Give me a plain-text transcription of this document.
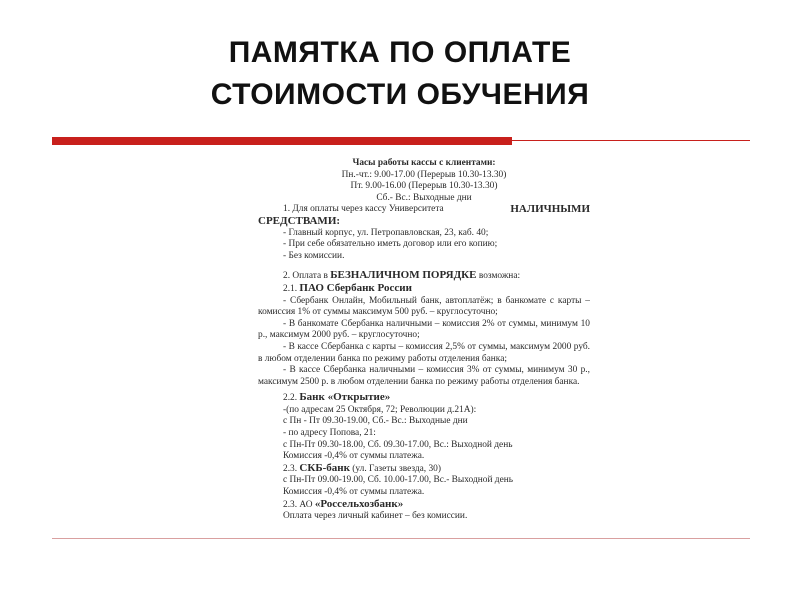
ПАМЯТКА ПО ОПЛАТЕ
СТОИМОСТИ ОБУЧЕНИЯ
Часы работы кассы с клиентами:
Пн.-чт.: 9.00-17.00 (Перерыв 10.30-13.30)
Пт. 9.00-16.00 (Перерыв 10.30-13.30)
Сб.- Вс.: Выходные дни
1. Для оплаты через кассу Университета	НАЛИЧНЫМИ
СРЕДСТВАМИ:
- Главный корпус, ул. Петропавловская, 23, каб. 40;
- При себе обязательно иметь договор или его копию;
- Без комиссии.
2. Оплата в БЕЗНАЛИЧНОМ ПОРЯДКЕ возможна:
2.1. ПАО Сбербанк России
- Сбербанк Онлайн, Мобильный банк, автоплатёж; в банкомате с карты – комиссия 1% от суммы максимум 500 руб. – круглосуточно;
- В банкомате Сбербанка наличными – комиссия 2% от суммы, минимум 10 р., максимум 2000 руб. – круглосуточно;
- В кассе Сбербанка с карты – комиссия 2,5% от суммы, максимум 2000 руб. в любом отделении банка по режиму работы отделения банка;
- В кассе Сбербанка наличными – комиссия 3% от суммы, минимум 30 р., максимум 2500 р. в любом отделении банка по режиму работы отделения банка.
2.2. Банк «Открытие»
-(по адресам 25 Октября, 72; Революции д.21А):
с Пн - Пт 09.30-19.00, Сб.- Вс.: Выходные дни
- по адресу Попова, 21:
с Пн-Пт 09.30-18.00, Сб. 09.30-17.00, Вс.: Выходной день
Комиссия -0,4% от суммы платежа.
2.3. СКБ-банк (ул. Газеты звезда, 30)
с Пн-Пт 09.00-19.00, Сб. 10.00-17.00, Вс.- Выходной день
Комиссия -0,4% от суммы платежа.
2.3. АО «Россельхозбанк»
Оплата через личный кабинет – без комиссии.
